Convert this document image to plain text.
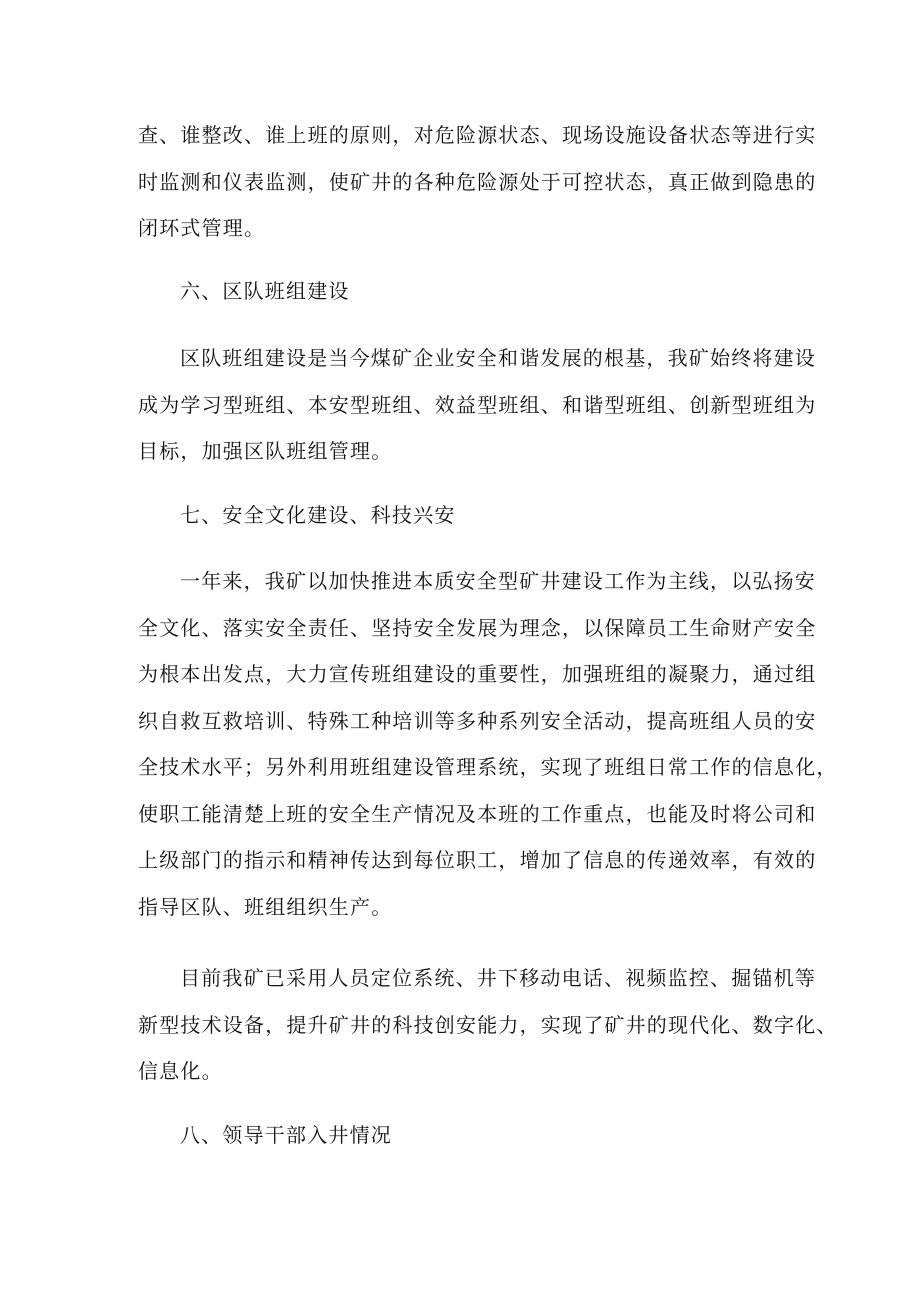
查、谁整改、谁上班的原则，对危险源状态、现场设施设备状态等进行实
时监测和仪表监测，使矿井的各种危险源处于可控状态，真正做到隐患的
闭环式管理。
六、区队班组建设
区队班组建设是当今煤矿企业安全和谐发展的根基，我矿始终将建设
成为学习型班组、本安型班组、效益型班组、和谐型班组、创新型班组为
目标，加强区队班组管理。
七、安全文化建设、科技兴安
一年来，我矿以加快推进本质安全型矿井建设工作为主线，以弘扬安
全文化、落实安全责任、坚持安全发展为理念，以保障员工生命财产安全
为根本出发点，大力宣传班组建设的重要性，加强班组的凝聚力，通过组
织自救互救培训、特殊工种培训等多种系列安全活动，提高班组人员的安
全技术水平；另外利用班组建设管理系统，实现了班组日常工作的信息化，
使职工能清楚上班的安全生产情况及本班的工作重点，也能及时将公司和
上级部门的指示和精神传达到每位职工，增加了信息的传递效率，有效的
指导区队、班组组织生产。
目前我矿已采用人员定位系统、井下移动电话、视频监控、掘锚机等
新型技术设备，提升矿井的科技创安能力，实现了矿井的现代化、数字化、
信息化。
八、领导干部入井情况
